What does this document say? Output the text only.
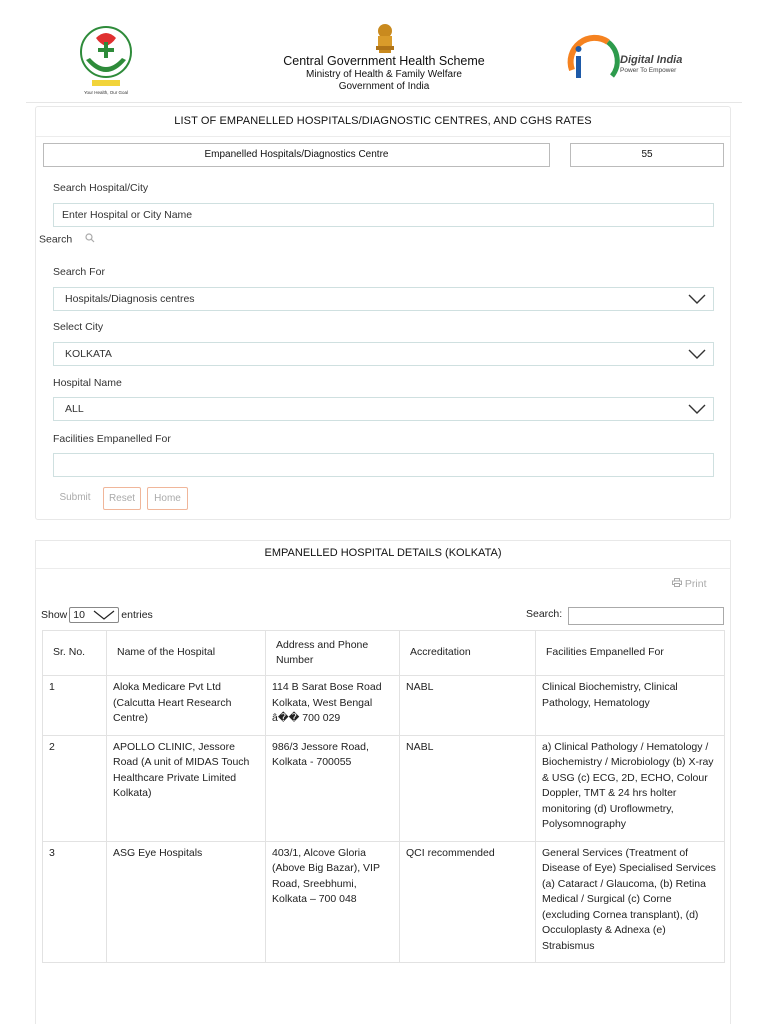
Your Health, Our Goal
Central Government Health Scheme
Ministry of Health & Family Welfare
Government of India
Digital India
Power To Empower
LIST OF EMPANELLED HOSPITALS/DIAGNOSTIC CENTRES, AND CGHS RATES
Empanelled Hospitals/Diagnostics Centre	55
Search Hospital/City
Enter Hospital or City Name
Search
Search For
Hospitals/Diagnosis centres
Select City
KOLKATA
Hospital Name
ALL
Facilities Empanelled For
Submit	Reset	Home
EMPANELLED HOSPITAL DETAILS (KOLKATA)
Print
Show 10	entries	Search:
Sr. No.	Name of the Hospital	Address and Phone Number	Accreditation	Facilities Empanelled For
1	Aloka Medicare Pvt Ltd (Calcutta Heart Research Centre)	114 B Sarat Bose Road Kolkata, West Bengal â�� 700 029	NABL	Clinical Biochemistry, Clinical Pathology, Hematology
2	APOLLO CLINIC, Jessore Road (A unit of MIDAS Touch Healthcare Private Limited Kolkata)	986/3 Jessore Road, Kolkata - 700055	NABL	a) Clinical Pathology / Hematology / Biochemistry / Microbiology (b) X-ray & USG (c) ECG, 2D, ECHO, Colour Doppler, TMT & 24 hrs holter monitoring (d) Uroflowmetry, Polysomnography
3	ASG Eye Hospitals	403/1, Alcove Gloria (Above Big Bazar), VIP Road, Sreebhumi, Kolkata – 700 048	QCI recommended	General Services (Treatment of Disease of Eye) Specialised Services (a) Cataract / Glaucoma, (b) Retina Medical / Surgical (c) Corne (excluding Cornea transplant), (d) Occuloplasty & Adnexa (e) Strabismus
